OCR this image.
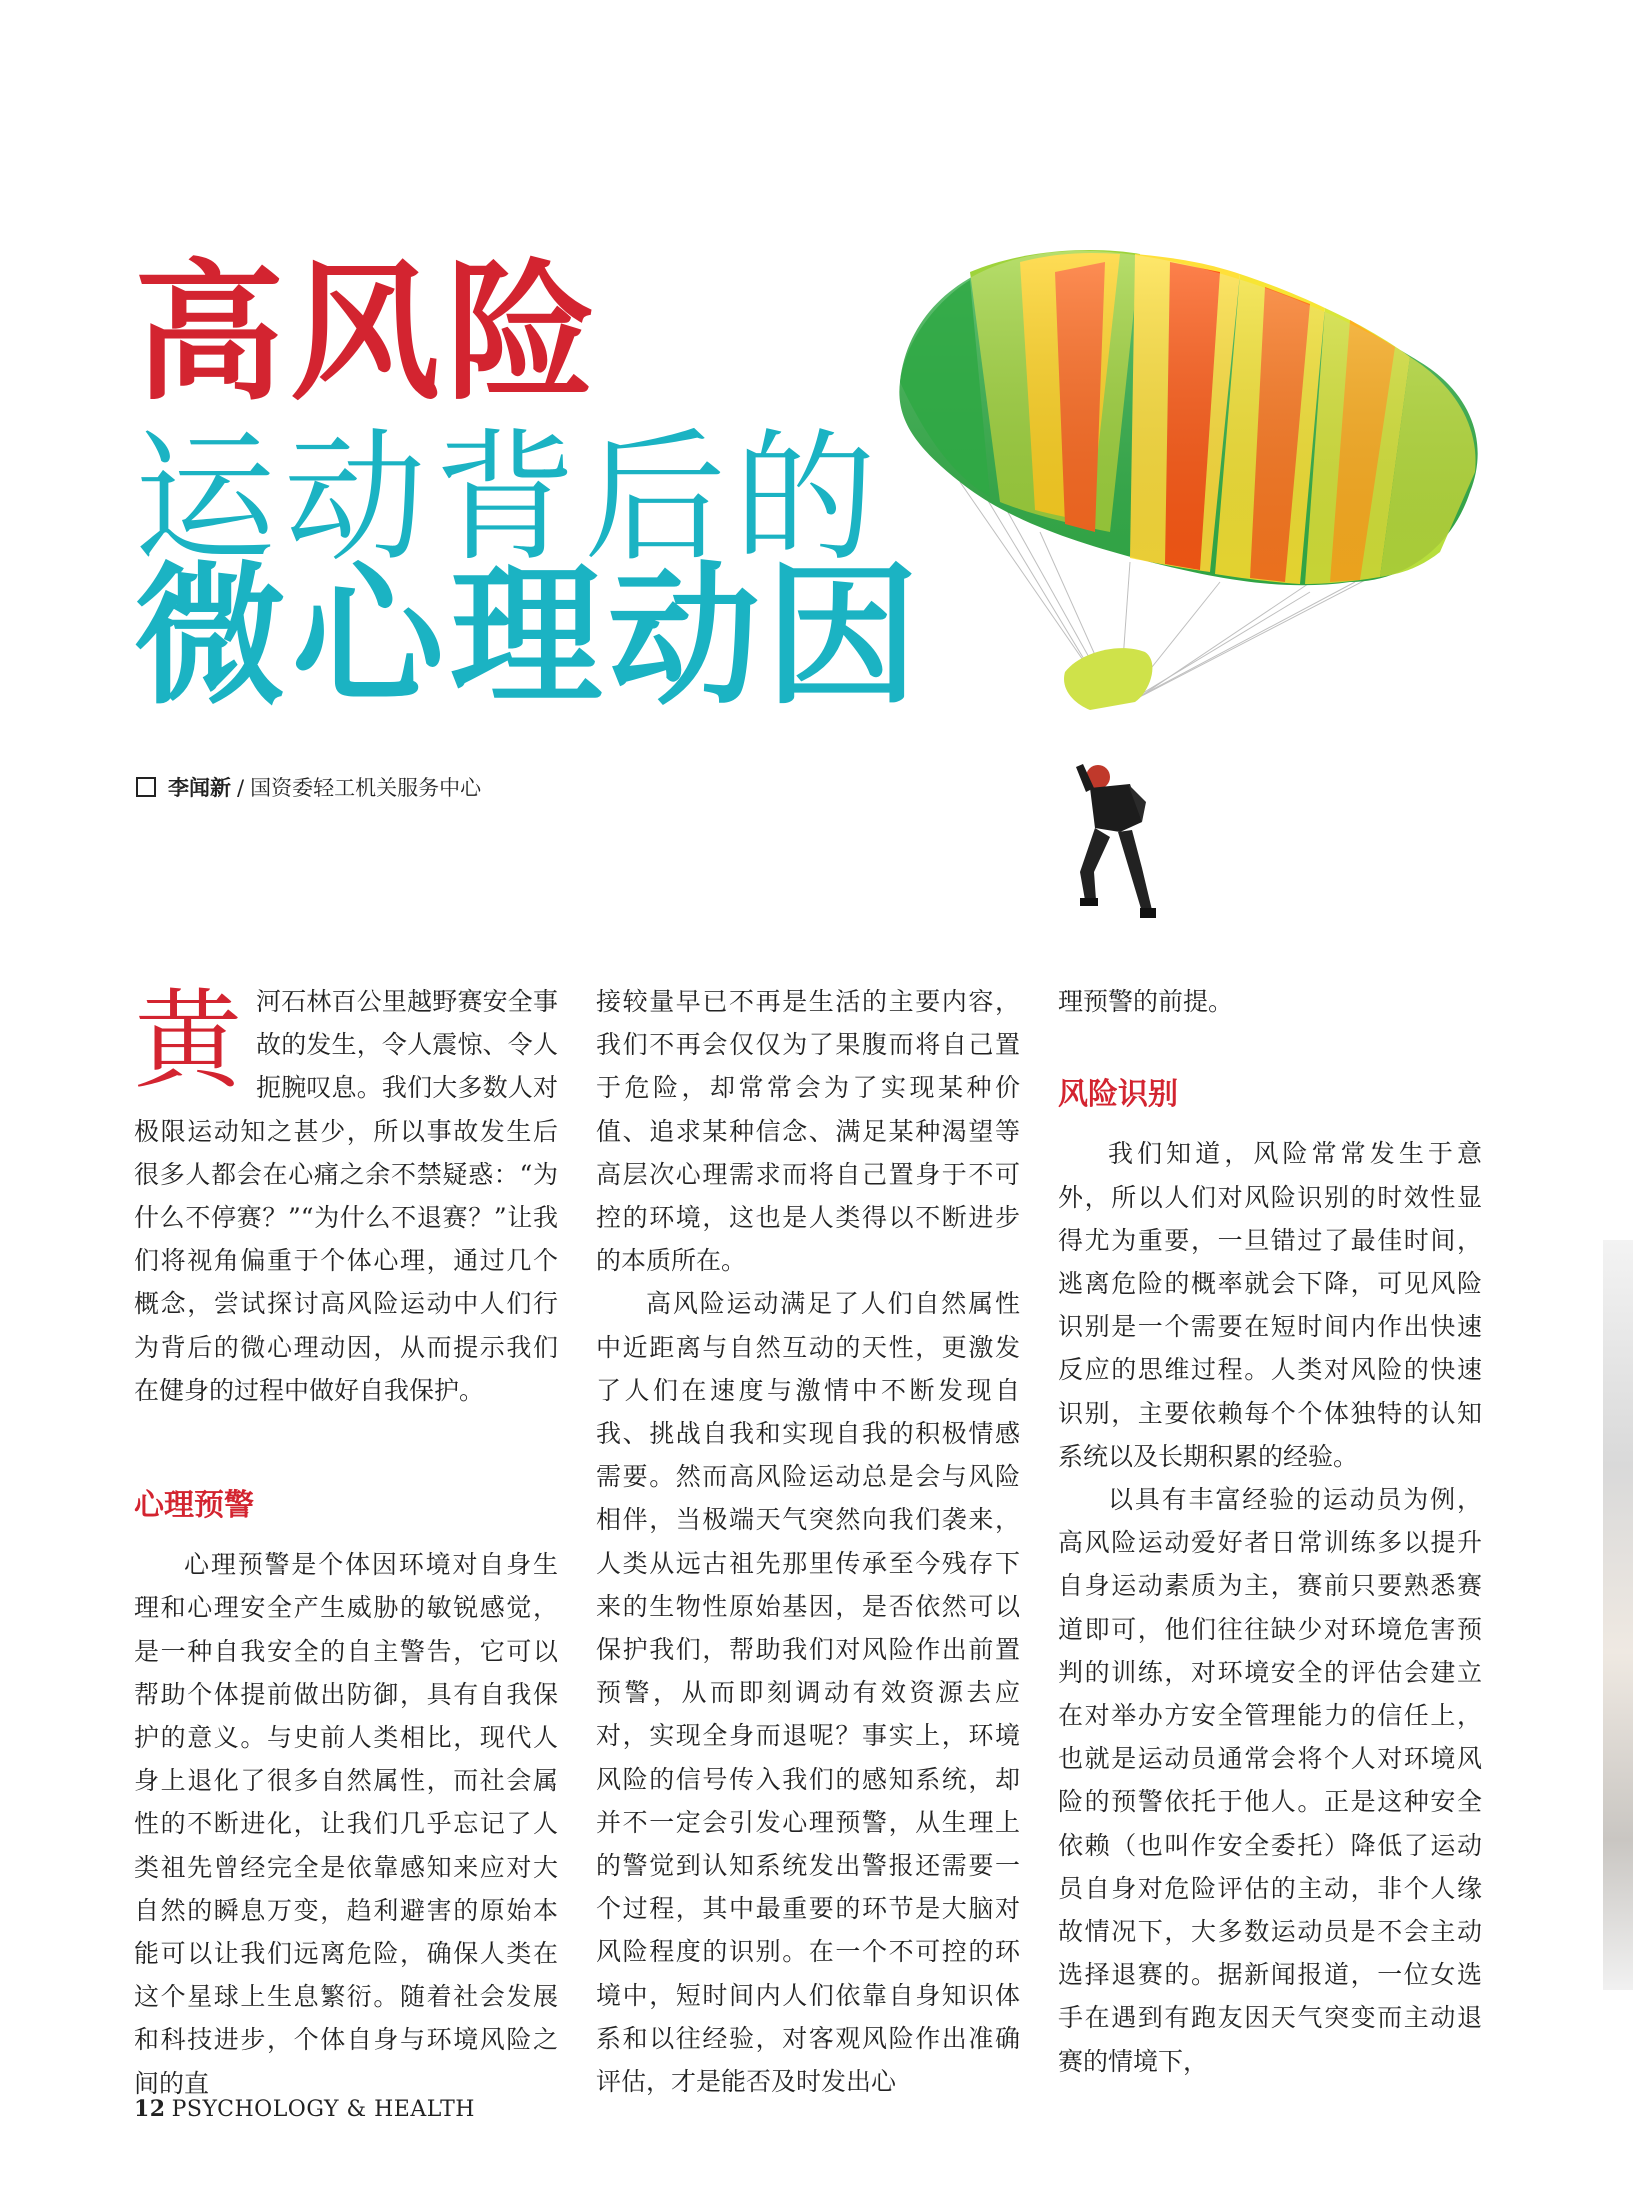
高风险
运动背后的
微心理动因
李闻新 / 国资委轻工机关服务中心

黄河石林百公里越野赛安全事故的发生，令人震惊、令人扼腕叹息。我们大多数人对极限运动知之甚少，所以事故发生后很多人都会在心痛之余不禁疑惑：“为什么不停赛？”“为什么不退赛？”让我们将视角偏重于个体心理，通过几个概念，尝试探讨高风险运动中人们行为背后的微心理动因，从而提示我们在健身的过程中做好自我保护。

心理预警

心理预警是个体因环境对自身生理和心理安全产生威胁的敏锐感觉，是一种自我安全的自主警告，它可以帮助个体提前做出防御，具有自我保护的意义。与史前人类相比，现代人身上退化了很多自然属性，而社会属性的不断进化，让我们几乎忘记了人类祖先曾经完全是依靠感知来应对大自然的瞬息万变，趋利避害的原始本能可以让我们远离危险，确保人类在这个星球上生息繁衍。随着社会发展和科技进步，个体自身与环境风险之间的直

接较量早已不再是生活的主要内容，我们不再会仅仅为了果腹而将自己置于危险，却常常会为了实现某种价值、追求某种信念、满足某种渴望等高层次心理需求而将自己置身于不可控的环境，这也是人类得以不断进步的本质所在。

高风险运动满足了人们自然属性中近距离与自然互动的天性，更激发了人们在速度与激情中不断发现自我、挑战自我和实现自我的积极情感需要。然而高风险运动总是会与风险相伴，当极端天气突然向我们袭来，人类从远古祖先那里传承至今残存下来的生物性原始基因，是否依然可以保护我们，帮助我们对风险作出前置预警，从而即刻调动有效资源去应对，实现全身而退呢？事实上，环境风险的信号传入我们的感知系统，却并不一定会引发心理预警，从生理上的警觉到认知系统发出警报还需要一个过程，其中最重要的环节是大脑对风险程度的识别。在一个不可控的环境中，短时间内人们依靠自身知识体系和以往经验，对客观风险作出准确评估，才是能否及时发出心

理预警的前提。

风险识别

我们知道，风险常常发生于意外，所以人们对风险识别的时效性显得尤为重要，一旦错过了最佳时间，逃离危险的概率就会下降，可见风险识别是一个需要在短时间内作出快速反应的思维过程。人类对风险的快速识别，主要依赖每个个体独特的认知系统以及长期积累的经验。

以具有丰富经验的运动员为例，高风险运动爱好者日常训练多以提升自身运动素质为主，赛前只要熟悉赛道即可，他们往往缺少对环境危害预判的训练，对环境安全的评估会建立在对举办方安全管理能力的信任上，也就是运动员通常会将个人对环境风险的预警依托于他人。正是这种安全依赖（也叫作安全委托）降低了运动员自身对危险评估的主动，非个人缘故情况下，大多数运动员是不会主动选择退赛的。据新闻报道，一位女选手在遇到有跑友因天气突变而主动退赛的情境下，

12 PSYCHOLOGY & HEALTH
